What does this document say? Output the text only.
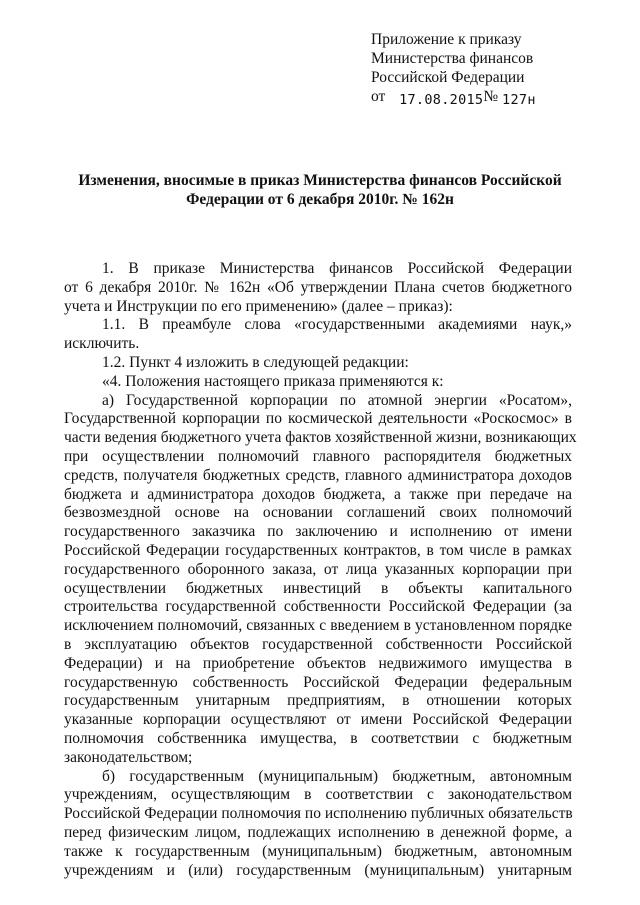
Приложение к приказу
Министерства финансов
Российской Федерации
от 17.08.2015№ 127н
Изменения, вносимые в приказ Министерства финансов Российской
Федерации от 6 декабря 2010г. № 162н
1. В приказе Министерства финансов Российской Федерации
от 6 декабря 2010г. № 162н «Об утверждении Плана счетов бюджетного
учета и Инструкции по его применению» (далее – приказ):
1.1. В преамбуле слова «государственными академиями наук,»
исключить.
1.2. Пункт 4 изложить в следующей редакции:
«4. Положения настоящего приказа применяются к:
а) Государственной корпорации по атомной энергии «Росатом»,
Государственной корпорации по космической деятельности «Роскосмос» в
части ведения бюджетного учета фактов хозяйственной жизни, возникающих
при осуществлении полномочий главного распорядителя бюджетных
средств, получателя бюджетных средств, главного администратора доходов
бюджета и администратора доходов бюджета, а также при передаче на
безвозмездной основе на основании соглашений своих полномочий
государственного заказчика по заключению и исполнению от имени
Российской Федерации государственных контрактов, в том числе в рамках
государственного оборонного заказа, от лица указанных корпорации при
осуществлении бюджетных инвестиций в объекты капитального
строительства государственной собственности Российской Федерации (за
исключением полномочий, связанных с введением в установленном порядке
в эксплуатацию объектов государственной собственности Российской
Федерации) и на приобретение объектов недвижимого имущества в
государственную собственность Российской Федерации федеральным
государственным унитарным предприятиям, в отношении которых
указанные корпорации осуществляют от имени Российской Федерации
полномочия собственника имущества, в соответствии с бюджетным
законодательством;
б) государственным (муниципальным) бюджетным, автономным
учреждениям, осуществляющим в соответствии с законодательством
Российской Федерации полномочия по исполнению публичных обязательств
перед физическим лицом, подлежащих исполнению в денежной форме, а
также к государственным (муниципальным) бюджетным, автономным
учреждениям и (или) государственным (муниципальным) унитарным
